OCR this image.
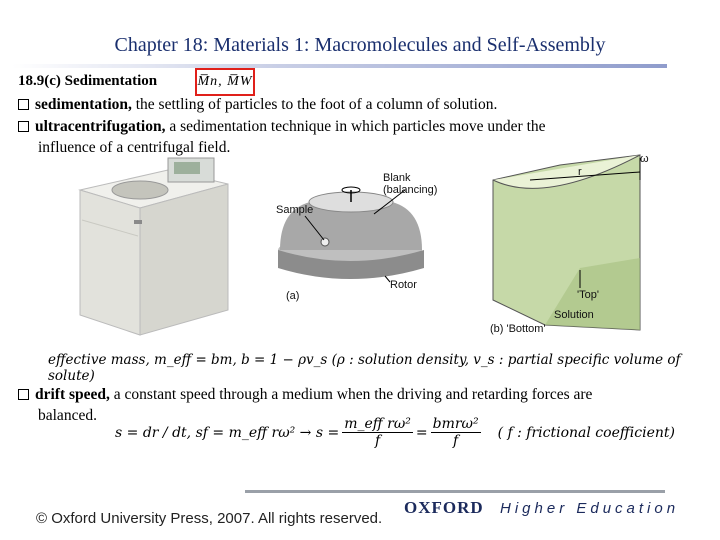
Chapter 18: Materials 1: Macromolecules and Self-Assembly
18.9(c) Sedimentation	M̅n, M̅W
sedimentation, the settling of particles to the foot of a column of solution.
ultracentrifugation, a sedimentation technique in which particles move under the
influence of a centrifugal field.
Blank
(balancing)
Sample
Rotor
(a)
r
ω
'Top'
Solution
(b) 'Bottom'
effective mass, m_eff = bm, b = 1 − ρv_s (ρ : solution density, v_s : partial specific volume of solute)
drift speed, a constant speed through a medium when the driving and retarding forces are
balanced.
s = dr / dt, sf = m_eff $r\omega^2 \to s = \frac{\text{m\_eff rω²}}{f} = \frac{\text{bmrω²}}{f}$ ( f : frictional coefficient)
© Oxford University Press, 2007. All rights reserved.
OXFORD Higher Education
